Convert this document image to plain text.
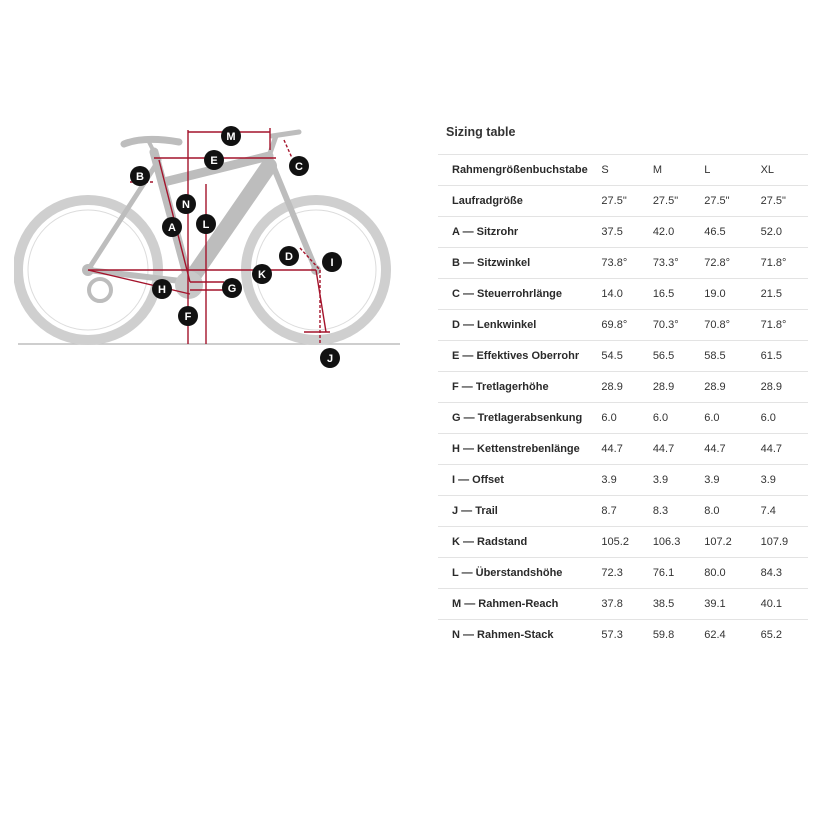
M
E	C
B
N
A L
D	I
K
H	G
F
J
Sizing table
Rahmengrößenbuchstabe	S	M	L	XL
Laufradgröße	27.5"	27.5"	27.5"	27.5"
A — Sitzrohr	37.5	42.0	46.5	52.0
B — Sitzwinkel	73.8°	73.3°	72.8°	71.8°
C — Steuerrohrlänge	14.0	16.5	19.0	21.5
D — Lenkwinkel	69.8°	70.3°	70.8°	71.8°
E — Effektives Oberrohr	54.5	56.5	58.5	61.5
F — Tretlagerhöhe	28.9	28.9	28.9	28.9
G — Tretlagerabsenkung	6.0	6.0	6.0	6.0
H — Kettenstrebenlänge	44.7	44.7	44.7	44.7
I — Offset	3.9	3.9	3.9	3.9
J — Trail	8.7	8.3	8.0	7.4
K — Radstand	105.2	106.3	107.2	107.9
L — Überstandshöhe	72.3	76.1	80.0	84.3
M — Rahmen-Reach	37.8	38.5	39.1	40.1
N — Rahmen-Stack	57.3	59.8	62.4	65.2
